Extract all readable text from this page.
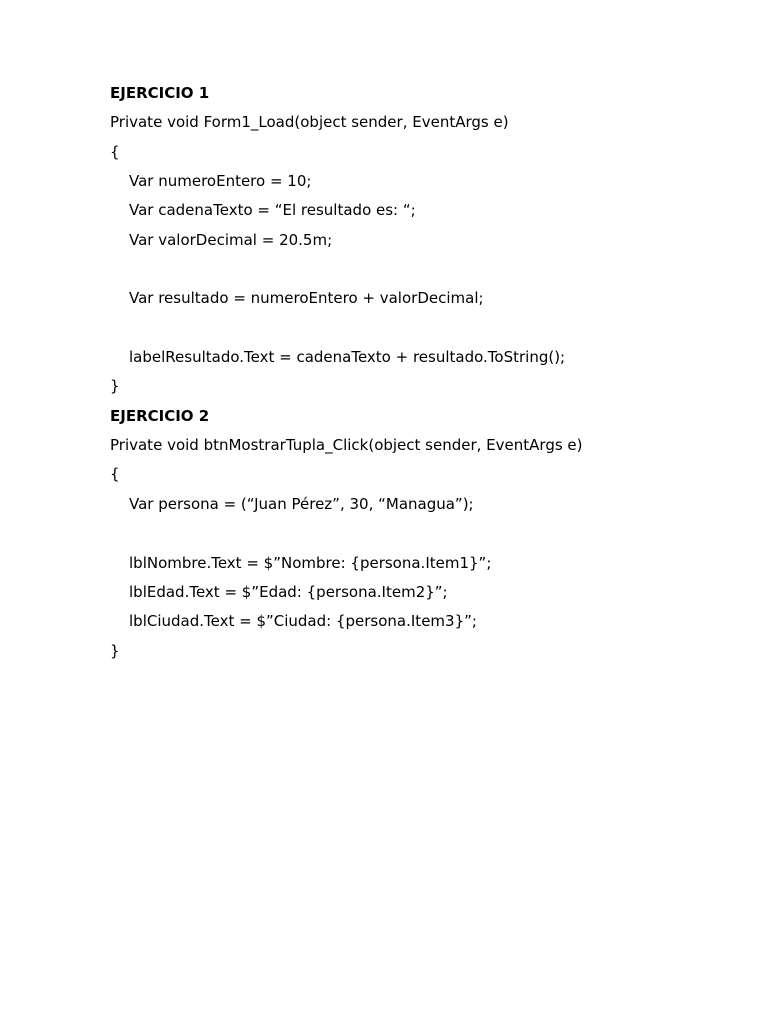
EJERCICIO 1
Private void Form1_Load(object sender, EventArgs e)
{
Var numeroEntero = 10;
Var cadenaTexto = “El resultado es: “;
Var valorDecimal = 20.5m;
Var resultado = numeroEntero + valorDecimal;
labelResultado.Text = cadenaTexto + resultado.ToString();
}
EJERCICIO 2
Private void btnMostrarTupla_Click(object sender, EventArgs e)
{
Var persona = (“Juan Pérez”, 30, “Managua”);
lblNombre.Text = $”Nombre: {persona.Item1}”;
lblEdad.Text = $”Edad: {persona.Item2}”;
lblCiudad.Text = $”Ciudad: {persona.Item3}”;
}
